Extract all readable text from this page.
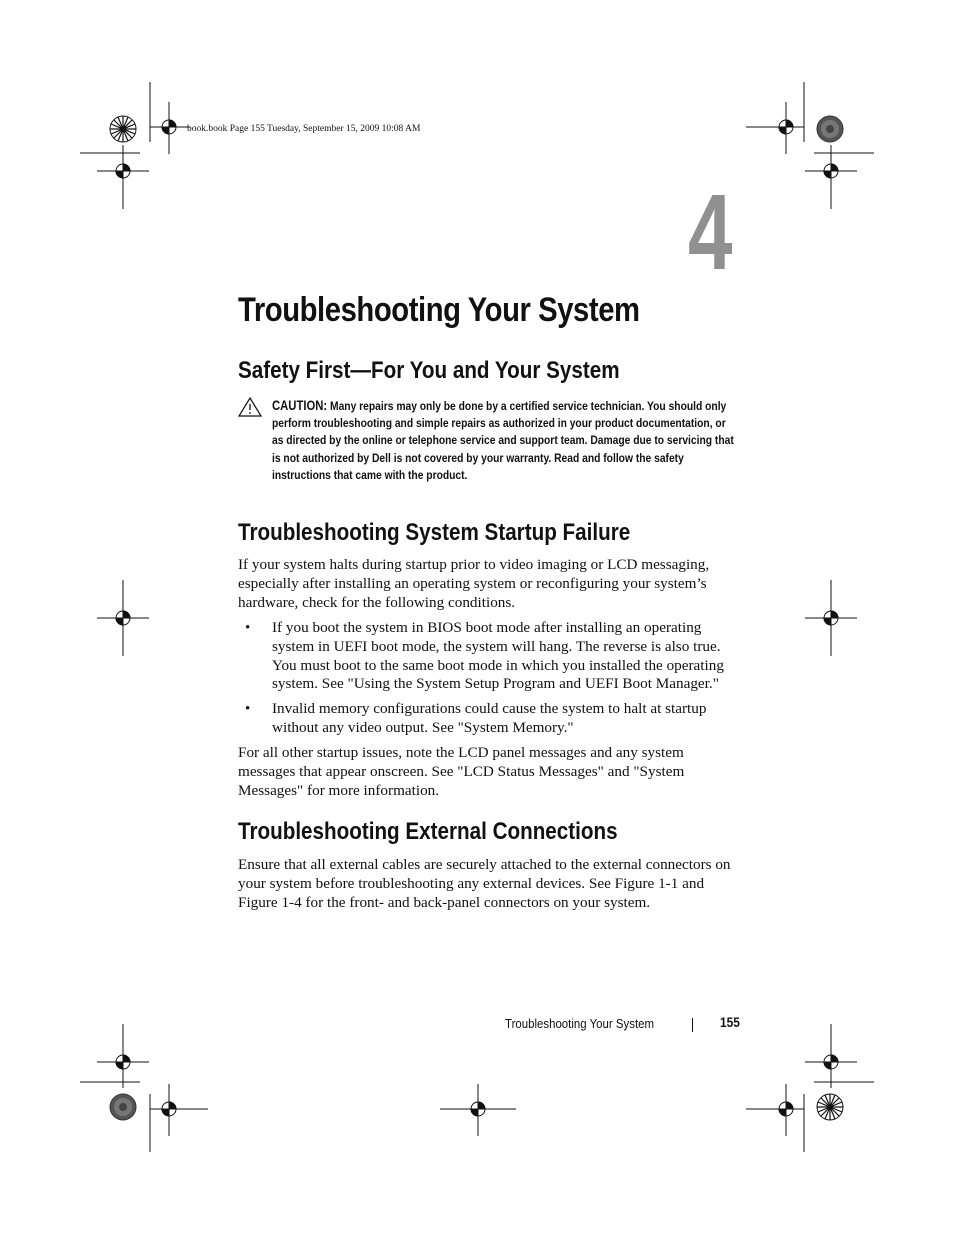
book.book Page 155 Tuesday, September 15, 2009 10:08 AM
4
Troubleshooting Your System
Safety First—For You and Your System
CAUTION: Many repairs may only be done by a certified service technician. You should only perform troubleshooting and simple repairs as authorized in your product documentation, or as directed by the online or telephone service and support team. Damage due to servicing that is not authorized by Dell is not covered by your warranty. Read and follow the safety instructions that came with the product.
Troubleshooting System Startup Failure

If your system halts during startup prior to video imaging or LCD messaging, especially after installing an operating system or reconfiguring your system’s hardware, check for the following conditions.

• If you boot the system in BIOS boot mode after installing an operating system in UEFI boot mode, the system will hang. The reverse is also true. You must boot to the same boot mode in which you installed the operating system. See "Using the System Setup Program and UEFI Boot Manager."

• Invalid memory configurations could cause the system to halt at startup without any video output. See "System Memory."

For all other startup issues, note the LCD panel messages and any system messages that appear onscreen. See "LCD Status Messages" and "System Messages" for more information.

Troubleshooting External Connections

Ensure that all external cables are securely attached to the external connectors on your system before troubleshooting any external devices. See Figure 1-1 and Figure 1-4 for the front- and back-panel connectors on your system.

Troubleshooting Your System	155
